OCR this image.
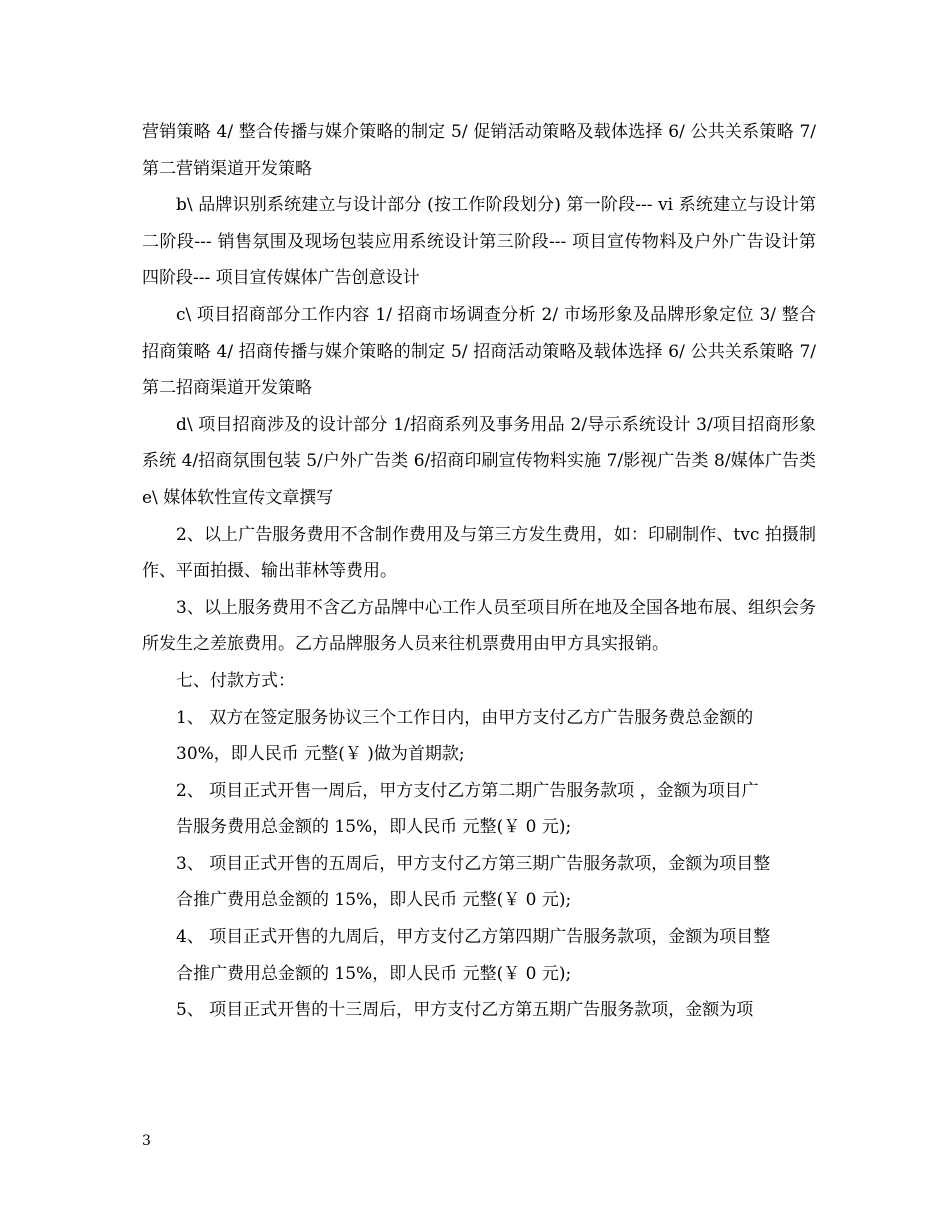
营销策略 4/ 整合传播与媒介策略的制定 5/ 促销活动策略及载体选择 6/ 公共关系策略 7/ 第二营销渠道开发策略

b\ 品牌识别系统建立与设计部分 (按工作阶段划分) 第一阶段--- vi 系统建立与设计第二阶段--- 销售氛围及现场包装应用系统设计第三阶段--- 项目宣传物料及户外广告设计第四阶段--- 项目宣传媒体广告创意设计

c\ 项目招商部分工作内容 1/ 招商市场调查分析 2/ 市场形象及品牌形象定位 3/ 整合招商策略 4/ 招商传播与媒介策略的制定 5/ 招商活动策略及载体选择 6/ 公共关系策略 7/ 第二招商渠道开发策略

d\ 项目招商涉及的设计部分 1/招商系列及事务用品 2/导示系统设计 3/项目招商形象系统 4/招商氛围包装 5/户外广告类 6/招商印刷宣传物料实施 7/影视广告类 8/媒体广告类 e\ 媒体软性宣传文章撰写

2、以上广告服务费用不含制作费用及与第三方发生费用，如：印刷制作、tvc 拍摄制作、平面拍摄、输出菲林等费用。

3、以上服务费用不含乙方品牌中心工作人员至项目所在地及全国各地布展、组织会务所发生之差旅费用。乙方品牌服务人员来往机票费用由甲方具实报销。

七、付款方式：

1、 双方在签定服务协议三个工作日内，由甲方支付乙方广告服务费总金额的

30%，即人民币 元整(￥ )做为首期款;

2、 项目正式开售一周后，甲方支付乙方第二期广告服务款项 ，金额为项目广

告服务费用总金额的 15%，即人民币 元整(￥ 0 元);

3、 项目正式开售的五周后，甲方支付乙方第三期广告服务款项，金额为项目整

合推广费用总金额的 15%，即人民币 元整(￥ 0 元);

4、 项目正式开售的九周后，甲方支付乙方第四期广告服务款项，金额为项目整

合推广费用总金额的 15%，即人民币 元整(￥ 0 元);

5、 项目正式开售的十三周后，甲方支付乙方第五期广告服务款项，金额为项

3
